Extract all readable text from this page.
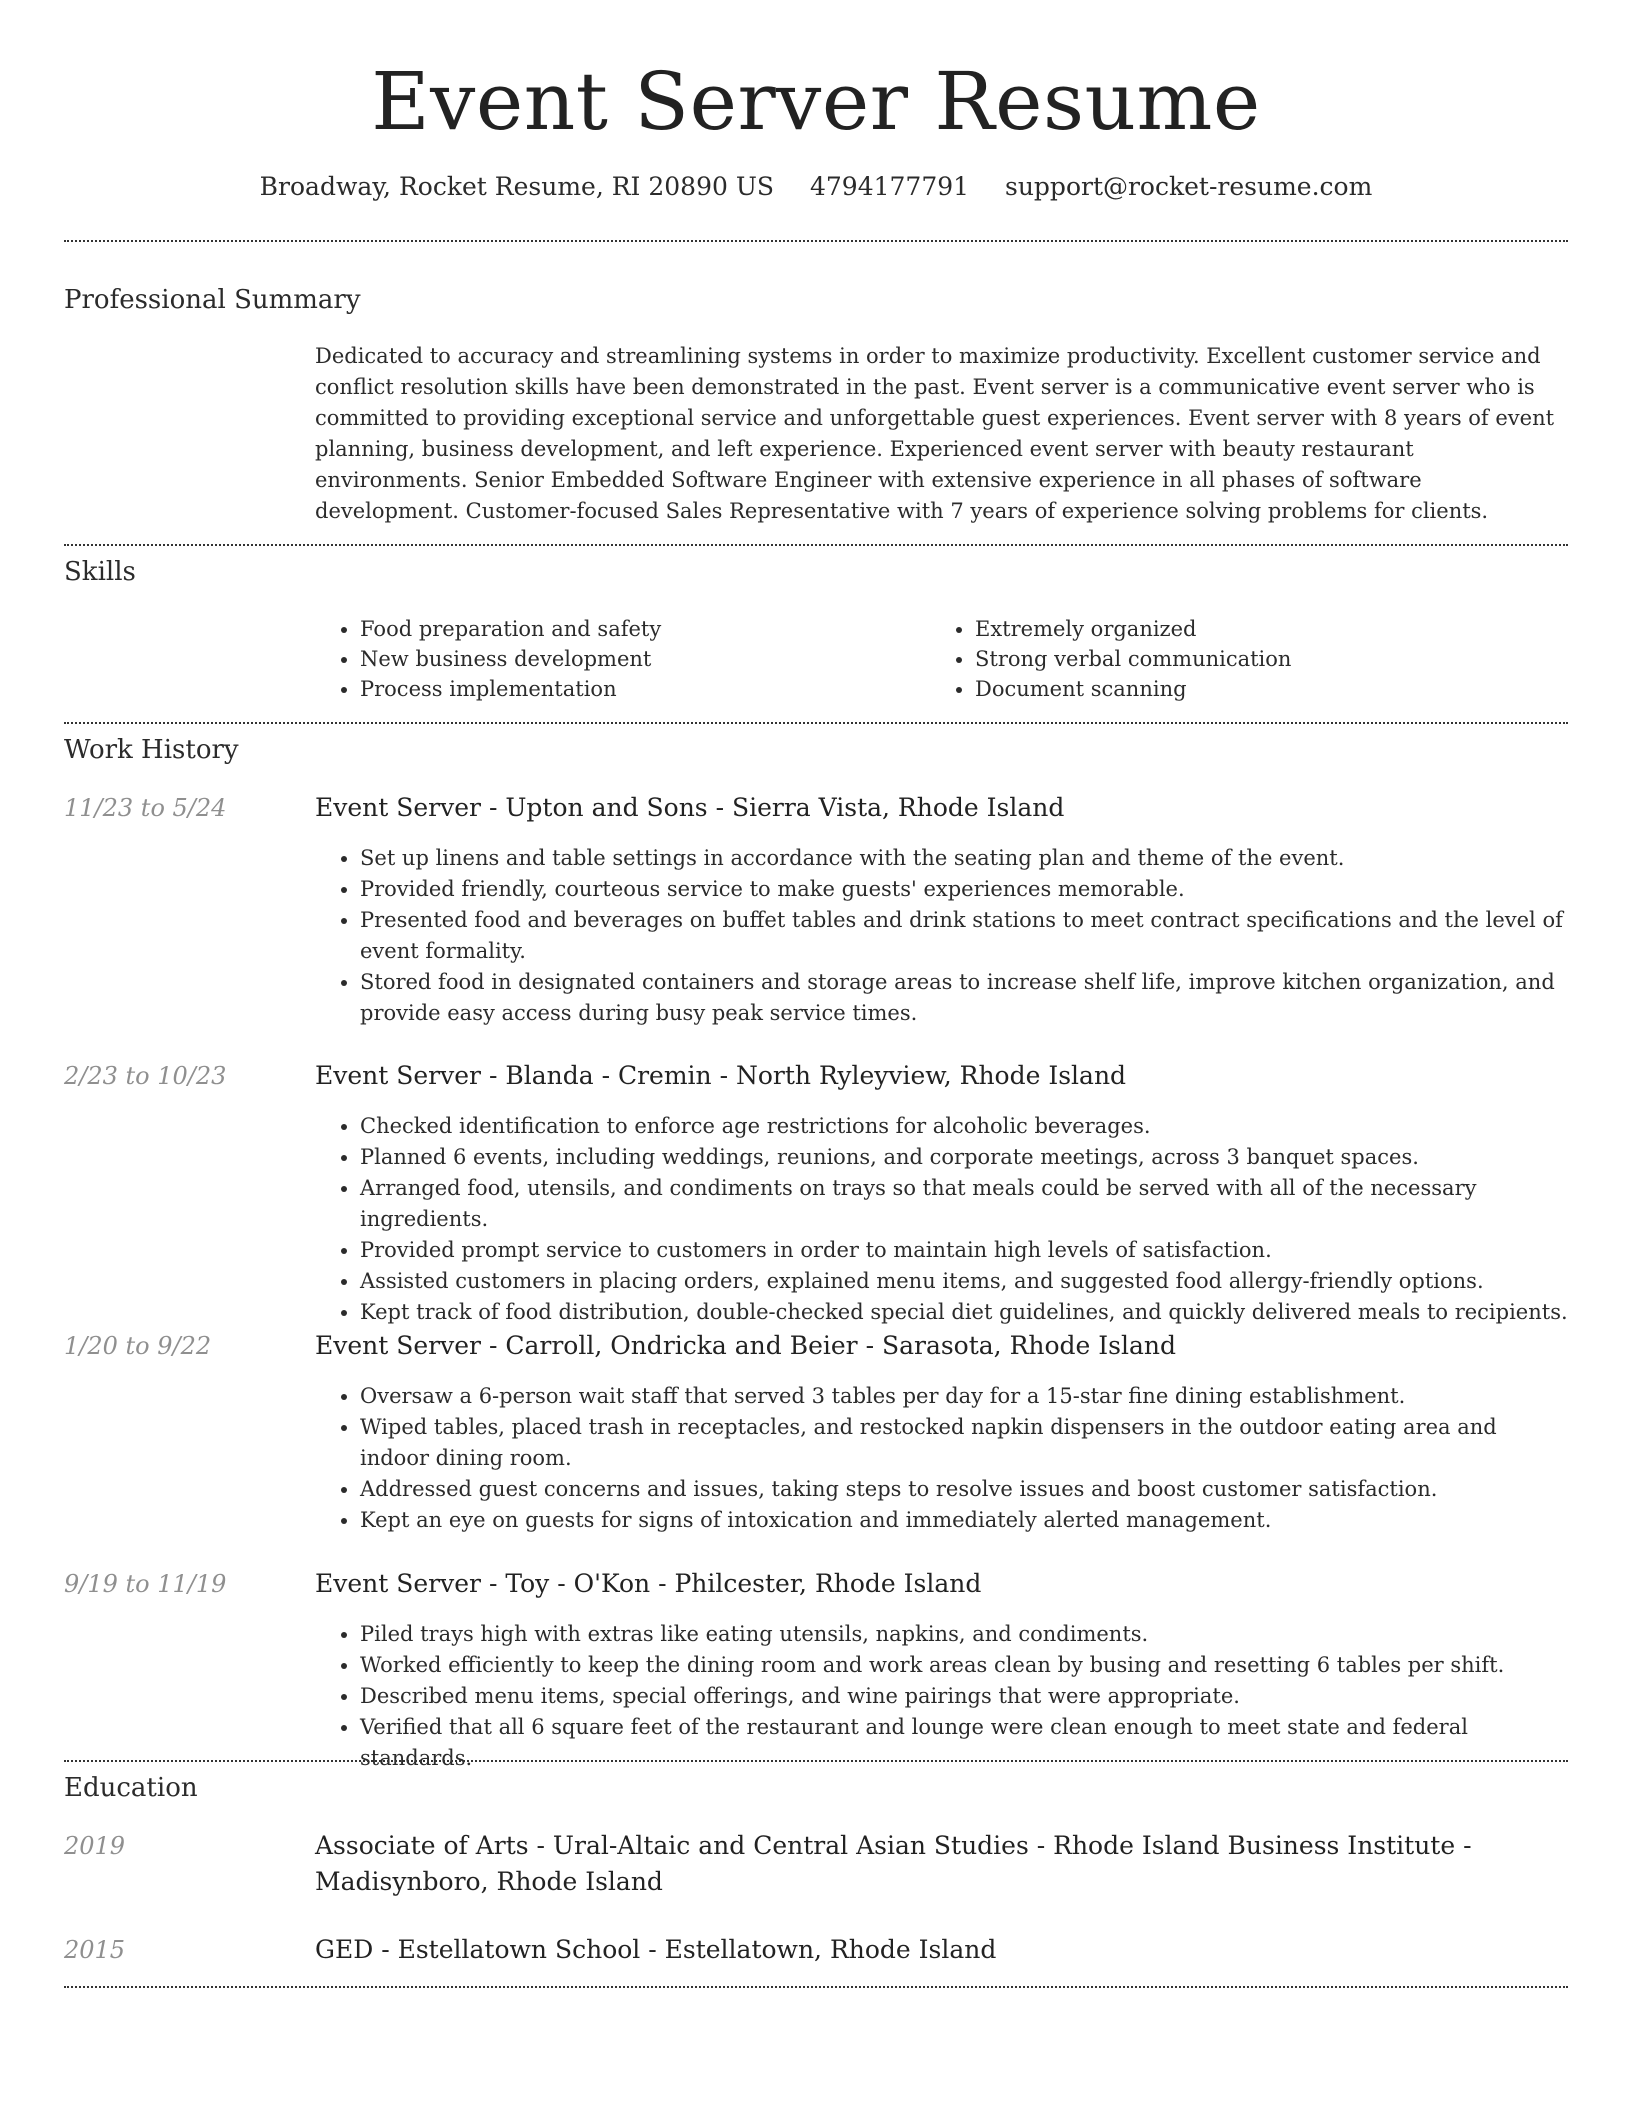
Event Server Resume
Broadway, Rocket Resume, RI 20890 US 4794177791 support@rocket-resume.com
Professional Summary
Dedicated to accuracy and streamlining systems in order to maximize productivity. Excellent customer service and conflict resolution skills have been demonstrated in the past. Event server is a communicative event server who is committed to providing exceptional service and unforgettable guest experiences. Event server with 8 years of event planning, business development, and left experience. Experienced event server with beauty restaurant environments. Senior Embedded Software Engineer with extensive experience in all phases of software development. Customer-focused Sales Representative with 7 years of experience solving problems for clients.
Skills
• Food preparation and safety
• New business development
• Process implementation
• Extremely organized
• Strong verbal communication
• Document scanning
Work History
11/23 to 5/24	Event Server - Upton and Sons - Sierra Vista, Rhode Island
• Set up linens and table settings in accordance with the seating plan and theme of the event.
• Provided friendly, courteous service to make guests' experiences memorable.
• Presented food and beverages on buffet tables and drink stations to meet contract specifications and the level of event formality.
• Stored food in designated containers and storage areas to increase shelf life, improve kitchen organization, and provide easy access during busy peak service times.
2/23 to 10/23	Event Server - Blanda - Cremin - North Ryleyview, Rhode Island
• Checked identification to enforce age restrictions for alcoholic beverages.
• Planned 6 events, including weddings, reunions, and corporate meetings, across 3 banquet spaces.
• Arranged food, utensils, and condiments on trays so that meals could be served with all of the necessary ingredients.
• Provided prompt service to customers in order to maintain high levels of satisfaction.
• Assisted customers in placing orders, explained menu items, and suggested food allergy-friendly options.
• Kept track of food distribution, double-checked special diet guidelines, and quickly delivered meals to recipients.
1/20 to 9/22	Event Server - Carroll, Ondricka and Beier - Sarasota, Rhode Island
• Oversaw a 6-person wait staff that served 3 tables per day for a 15-star fine dining establishment.
• Wiped tables, placed trash in receptacles, and restocked napkin dispensers in the outdoor eating area and indoor dining room.
• Addressed guest concerns and issues, taking steps to resolve issues and boost customer satisfaction.
• Kept an eye on guests for signs of intoxication and immediately alerted management.
9/19 to 11/19	Event Server - Toy - O'Kon - Philcester, Rhode Island
• Piled trays high with extras like eating utensils, napkins, and condiments.
• Worked efficiently to keep the dining room and work areas clean by busing and resetting 6 tables per shift.
• Described menu items, special offerings, and wine pairings that were appropriate.
• Verified that all 6 square feet of the restaurant and lounge were clean enough to meet state and federal standards.
Education
2019	Associate of Arts - Ural-Altaic and Central Asian Studies - Rhode Island Business Institute - Madisynboro, Rhode Island
2015	GED - Estellatown School - Estellatown, Rhode Island
